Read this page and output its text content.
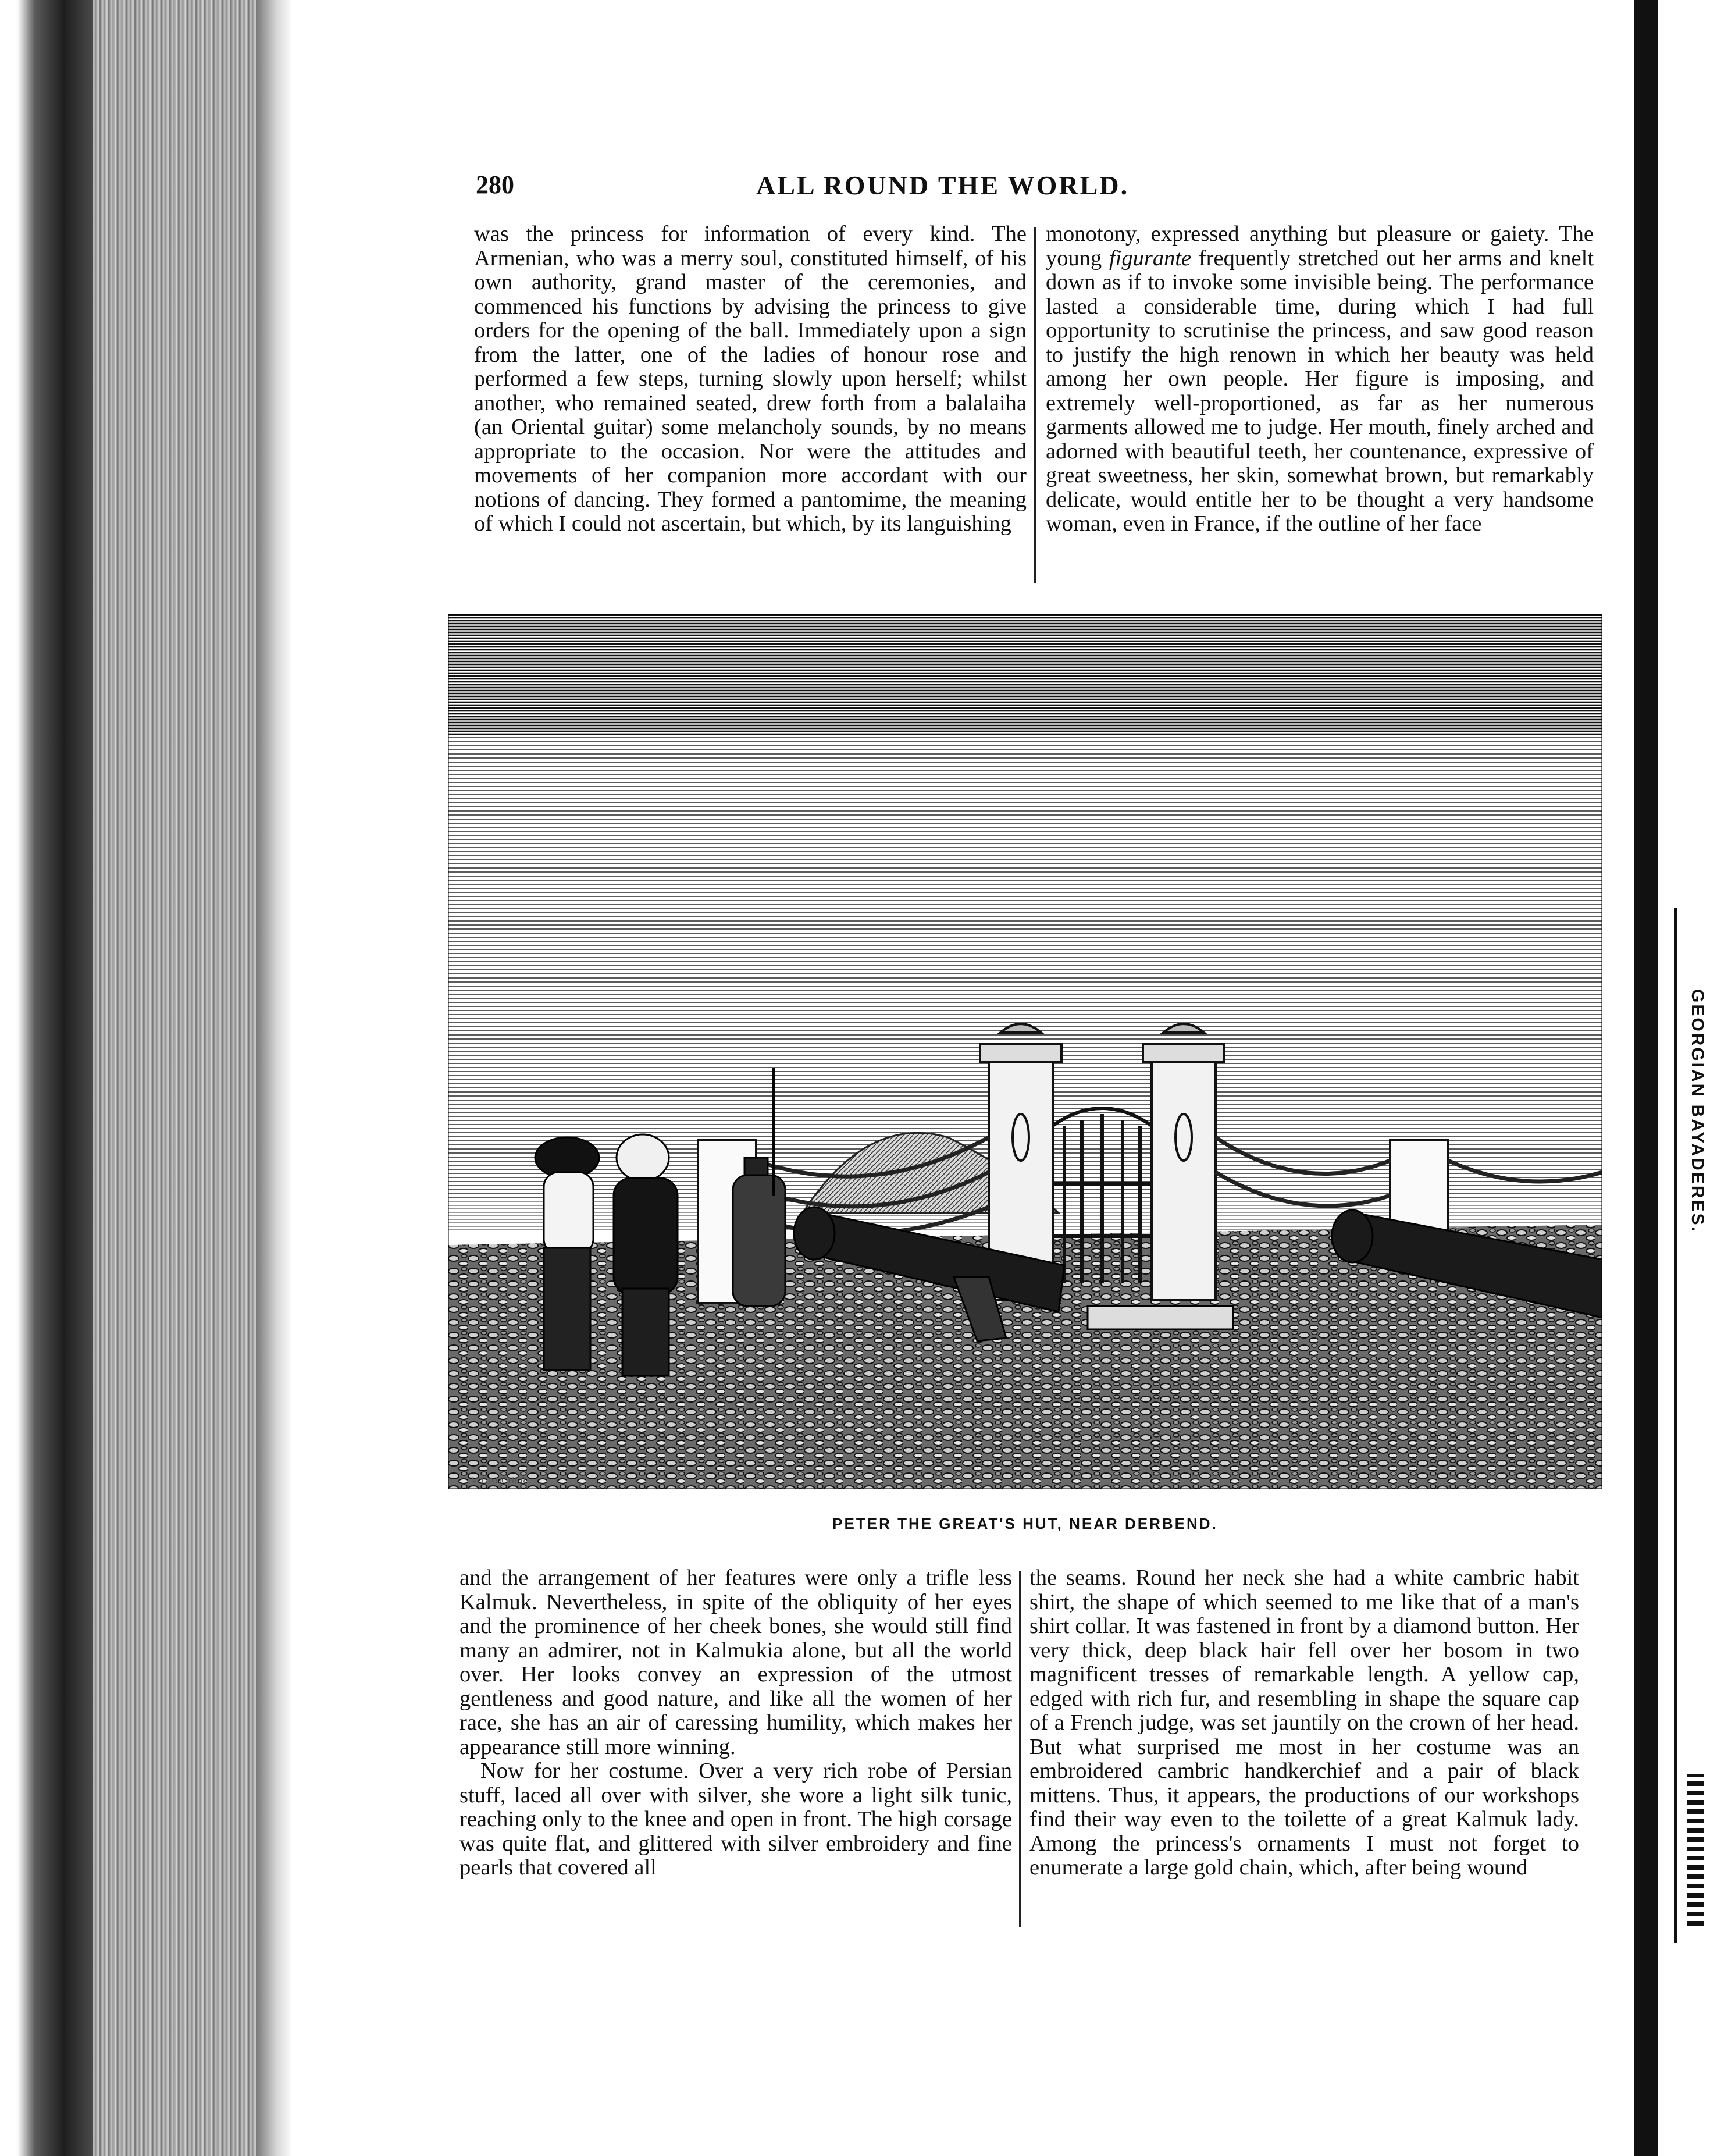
GEORGIAN BAYADERES.
280	ALL ROUND THE WORLD.

was the princess for information of every kind. The Armenian, who was a merry soul, constituted himself, of his own authority, grand master of the ceremonies, and commenced his functions by advising the princess to give orders for the opening of the ball. Immediately upon a sign from the latter, one of the ladies of honour rose and performed a few steps, turning slowly upon herself; whilst another, who remained seated, drew forth from a balalaiha (an Oriental guitar) some melancholy sounds, by no means appropriate to the occasion. Nor were the attitudes and movements of her companion more accordant with our notions of dancing. They formed a pantomime, the meaning of which I could not ascertain, but which, by its languishing

monotony, expressed anything but pleasure or gaiety. The young figurante frequently stretched out her arms and knelt down as if to invoke some invisible being. The performance lasted a considerable time, during which I had full opportunity to scrutinise the princess, and saw good reason to justify the high renown in which her beauty was held among her own people. Her figure is imposing, and extremely well-proportioned, as far as her numerous garments allowed me to judge. Her mouth, finely arched and adorned with beautiful teeth, her countenance, expressive of great sweetness, her skin, somewhat brown, but remarkably delicate, would entitle her to be thought a very handsome woman, even in France, if the outline of her face

V. GAUCHER
PETER THE GREAT'S HUT, NEAR DERBEND.

and the arrangement of her features were only a trifle less Kalmuk. Nevertheless, in spite of the obliquity of her eyes and the prominence of her cheek bones, she would still find many an admirer, not in Kalmukia alone, but all the world over. Her looks convey an expression of the utmost gentleness and good nature, and like all the women of her race, she has an air of caressing humility, which makes her appearance still more winning.

Now for her costume. Over a very rich robe of Persian stuff, laced all over with silver, she wore a light silk tunic, reaching only to the knee and open in front. The high corsage was quite flat, and glittered with silver embroidery and fine pearls that covered all

the seams. Round her neck she had a white cambric habit shirt, the shape of which seemed to me like that of a man's shirt collar. It was fastened in front by a diamond button. Her very thick, deep black hair fell over her bosom in two magnificent tresses of remarkable length. A yellow cap, edged with rich fur, and resembling in shape the square cap of a French judge, was set jauntily on the crown of her head. But what surprised me most in her costume was an embroidered cambric handkerchief and a pair of black mittens. Thus, it appears, the productions of our workshops find their way even to the toilette of a great Kalmuk lady. Among the princess's ornaments I must not forget to enumerate a large gold chain, which, after being wound
